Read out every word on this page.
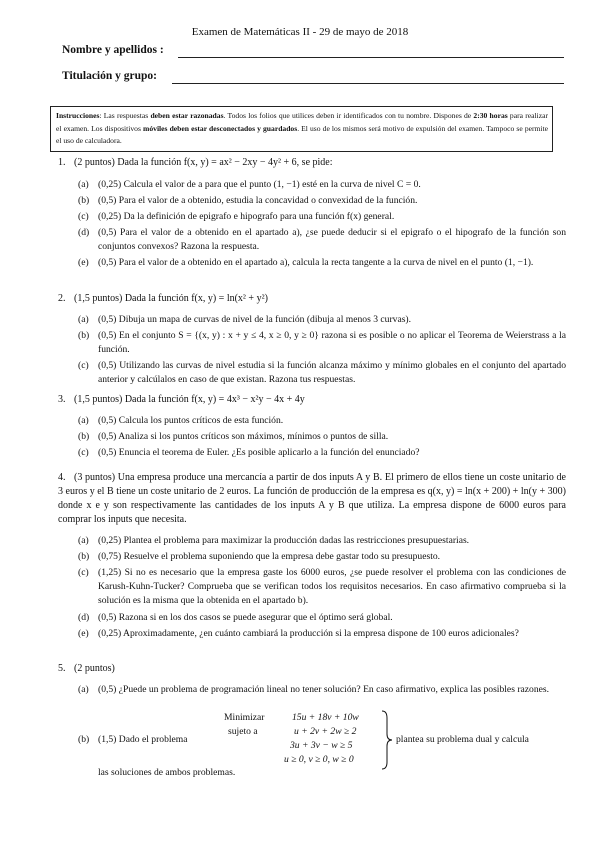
Examen de Matemáticas II - 29 de mayo de 2018
Nombre y apellidos :
Titulación y grupo:
Instrucciones: Las respuestas deben estar razonadas. Todos los folios que utilices deben ir identificados con tu nombre. Dispones de 2:30 horas para realizar el examen. Los dispositivos móviles deben estar desconectados y guardados. El uso de los mismos será motivo de expulsión del examen. Tampoco se permite el uso de calculadora.
1. (2 puntos) Dada la función f(x, y) = ax² − 2xy − 4y² + 6, se pide:
(a) (0,25) Calcula el valor de a para que el punto (1, −1) esté en la curva de nivel C = 0.
(b) (0,5) Para el valor de a obtenido, estudia la concavidad o convexidad de la función.
(c) (0,25) Da la definición de epigrafo e hipografo para una función f(x) general.
(d) (0,5) Para el valor de a obtenido en el apartado a), ¿se puede deducir si el epigrafo o el hipografo de la función son conjuntos convexos? Razona la respuesta.
(e) (0,5) Para el valor de a obtenido en el apartado a), calcula la recta tangente a la curva de nivel en el punto (1, −1).
2. (1,5 puntos) Dada la función f(x, y) = ln(x² + y²)
(a) (0,5) Dibuja un mapa de curvas de nivel de la función (dibuja al menos 3 curvas).
(b) (0,5) En el conjunto S = {(x, y) : x + y ≤ 4, x ≥ 0, y ≥ 0} razona si es posible o no aplicar el Teorema de Weierstrass a la función.
(c) (0,5) Utilizando las curvas de nivel estudia si la función alcanza máximo y mínimo globales en el conjunto del apartado anterior y calcúlalos en caso de que existan. Razona tus respuestas.
3. (1,5 puntos) Dada la función f(x, y) = 4x³ − x²y − 4x + 4y
(a) (0,5) Calcula los puntos críticos de esta función.
(b) (0,5) Analiza si los puntos críticos son máximos, mínimos o puntos de silla.
(c) (0,5) Enuncia el teorema de Euler. ¿Es posible aplicarlo a la función del enunciado?
4. (3 puntos) Una empresa produce una mercancía a partir de dos inputs A y B. El primero de ellos tiene un coste unitario de 3 euros y el B tiene un coste unitario de 2 euros. La función de producción de la empresa es q(x, y) = ln(x + 200) + ln(y + 300) donde x e y son respectivamente las cantidades de los inputs A y B que utiliza. La empresa dispone de 6000 euros para comprar los inputs que necesita.
(a) (0,25) Plantea el problema para maximizar la producción dadas las restricciones presupuestarias.
(b) (0,75) Resuelve el problema suponiendo que la empresa debe gastar todo su presupuesto.
(c) (1,25) Si no es necesario que la empresa gaste los 6000 euros, ¿se puede resolver el problema con las condiciones de Karush-Kuhn-Tucker? Comprueba que se verifican todos los requisitos necesarios. En caso afirmativo comprueba si la solución es la misma que la obtenida en el apartado b).
(d) (0,5) Razona si en los dos casos se puede asegurar que el óptimo será global.
(e) (0,25) Aproximadamente, ¿en cuánto cambiará la producción si la empresa dispone de 100 euros adicionales?
5. (2 puntos)
(a) (0,5) ¿Puede un problema de programación lineal no tener solución? En caso afirmativo, explica las posibles razones.
(b) (1,5) Dado el problema
Minimizar
sujeto a
15u + 18v + 10w
u + 2v + 2w ≥ 2
3u + 3v − w ≥ 5
u ≥ 0, v ≥ 0, w ≥ 0
plantea su problema dual y calcula
las soluciones de ambos problemas.
